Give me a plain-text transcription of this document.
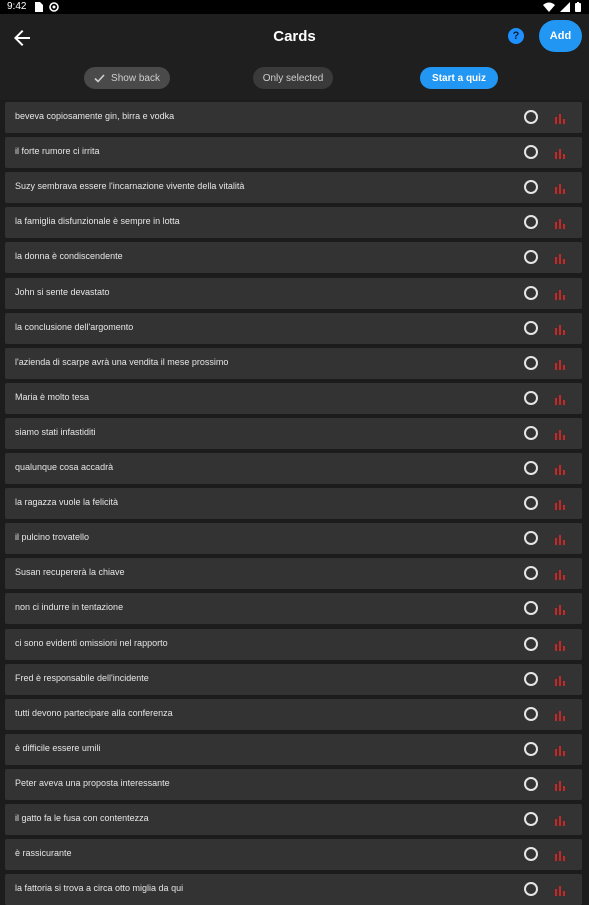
9:42
Cards	?	Add
Show back	Only selected	Start a quiz
beveva copiosamente gin, birra e vodka
il forte rumore ci irrita
Suzy sembrava essere l'incarnazione vivente della vitalità
la famiglia disfunzionale è sempre in lotta
la donna è condiscendente
John si sente devastato
la conclusione dell'argomento
l'azienda di scarpe avrà una vendita il mese prossimo
Maria è molto tesa
siamo stati infastiditi
qualunque cosa accadrà
la ragazza vuole la felicità
il pulcino trovatello
Susan recupererà la chiave
non ci indurre in tentazione
ci sono evidenti omissioni nel rapporto
Fred è responsabile dell'incidente
tutti devono partecipare alla conferenza
è difficile essere umili
Peter aveva una proposta interessante
il gatto fa le fusa con contentezza
è rassicurante
la fattoria si trova a circa otto miglia da qui
